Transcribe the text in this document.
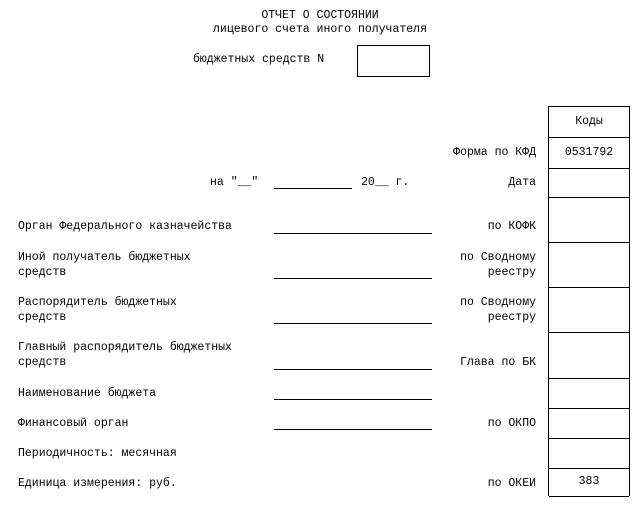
ОТЧЕТ О СОСТОЯНИИ
лицевого счета иного получателя
бюджетных средств N
на "__"	20__ г.
Форма по КФД
Дата
по КОФК
по Сводному
реестру
по Сводному
реестру
Глава по БК
по ОКПО
по ОКЕИ
Орган Федерального казначейства
Иной получатель бюджетных
средств
Распорядитель бюджетных
средств
Главный распорядитель бюджетных
средств
Наименование бюджета
Финансовый орган
Периодичность: месячная
Единица измерения: руб.
Коды
0531792
383
